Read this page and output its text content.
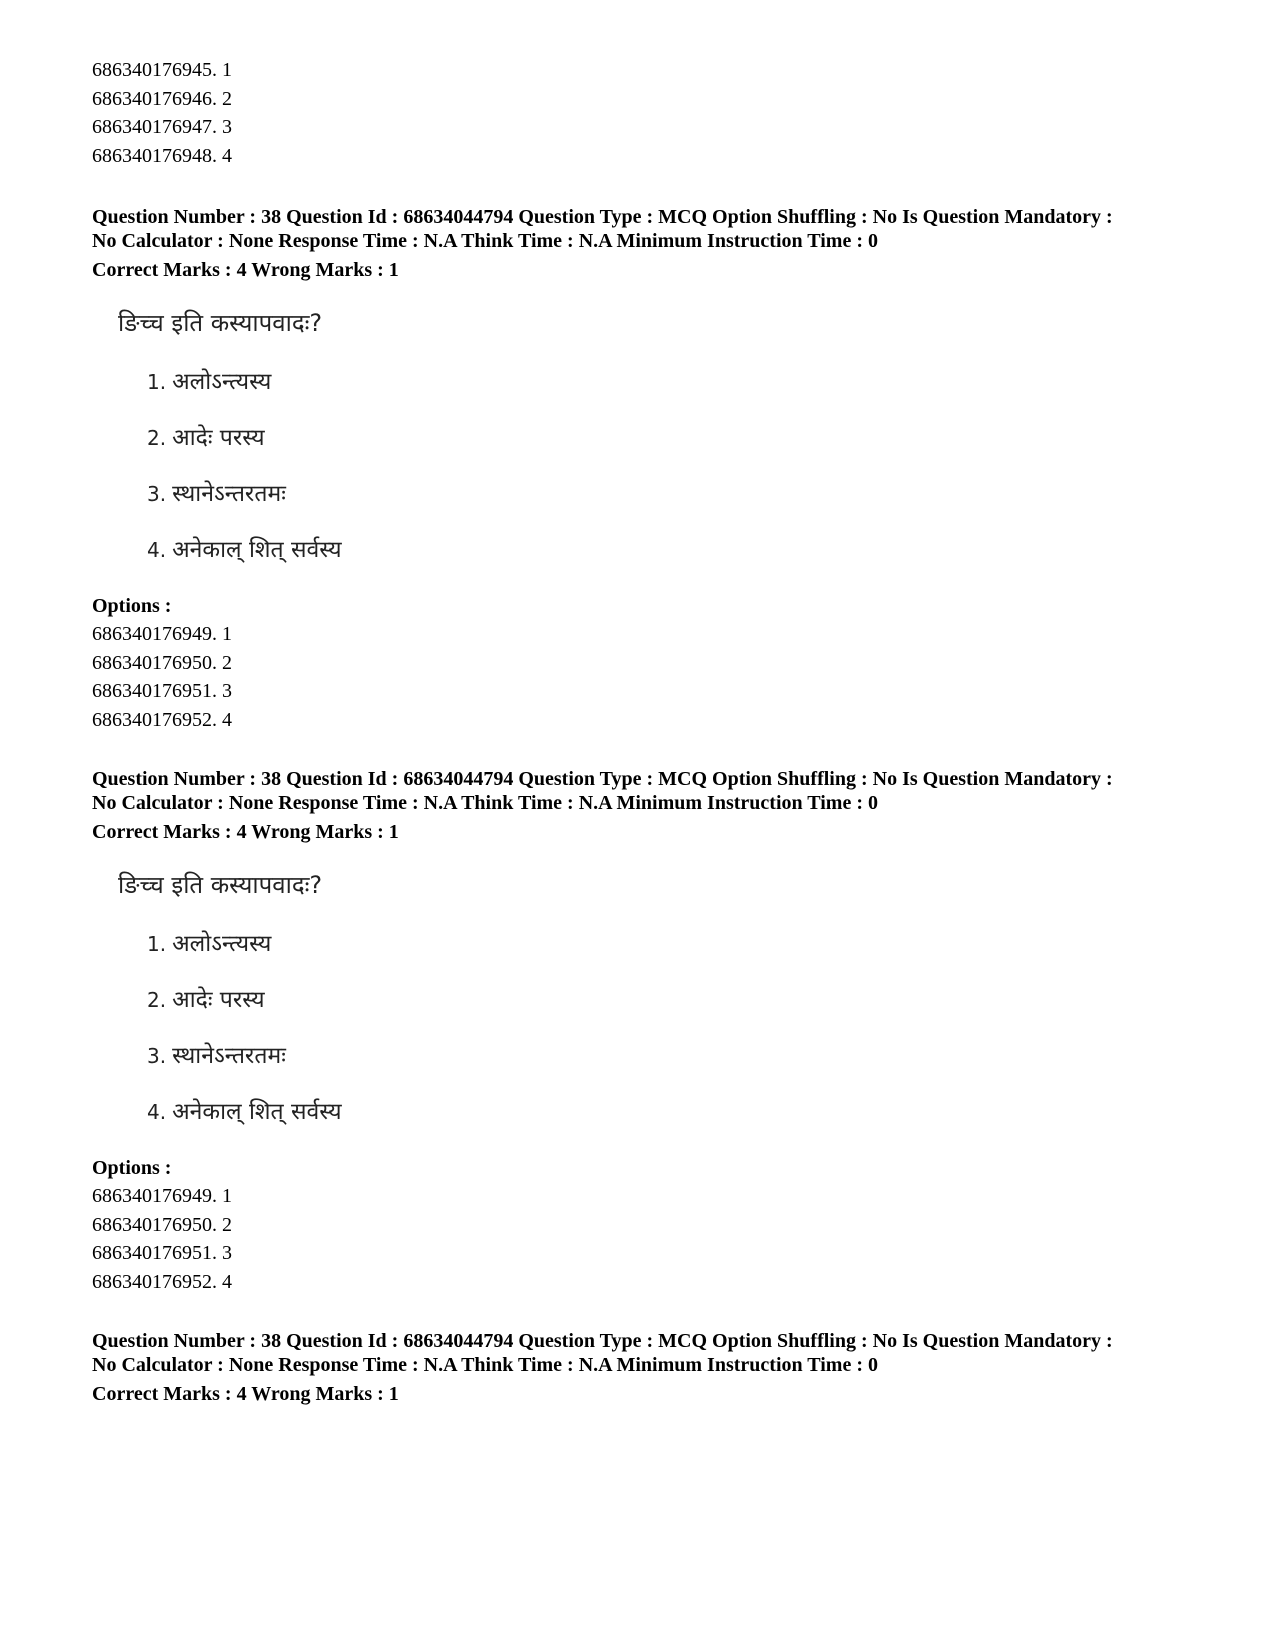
686340176945. 1
686340176946. 2
686340176947. 3
686340176948. 4
Question Number : 38 Question Id : 68634044794 Question Type : MCQ Option Shuffling : No Is Question Mandatory :
No Calculator : None Response Time : N.A Think Time : N.A Minimum Instruction Time : 0
Correct Marks : 4 Wrong Marks : 1
ङिच्च इति कस्यापवादः?
1. अलोऽन्त्यस्य
2. आदेः परस्य
3. स्थानेऽन्तरतमः
4. अनेकाल् शित् सर्वस्य
Options :
686340176949. 1
686340176950. 2
686340176951. 3
686340176952. 4
Question Number : 38 Question Id : 68634044794 Question Type : MCQ Option Shuffling : No Is Question Mandatory :
No Calculator : None Response Time : N.A Think Time : N.A Minimum Instruction Time : 0
Correct Marks : 4 Wrong Marks : 1
ङिच्च इति कस्यापवादः?
1. अलोऽन्त्यस्य
2. आदेः परस्य
3. स्थानेऽन्तरतमः
4. अनेकाल् शित् सर्वस्य
Options :
686340176949. 1
686340176950. 2
686340176951. 3
686340176952. 4
Question Number : 38 Question Id : 68634044794 Question Type : MCQ Option Shuffling : No Is Question Mandatory :
No Calculator : None Response Time : N.A Think Time : N.A Minimum Instruction Time : 0
Correct Marks : 4 Wrong Marks : 1
